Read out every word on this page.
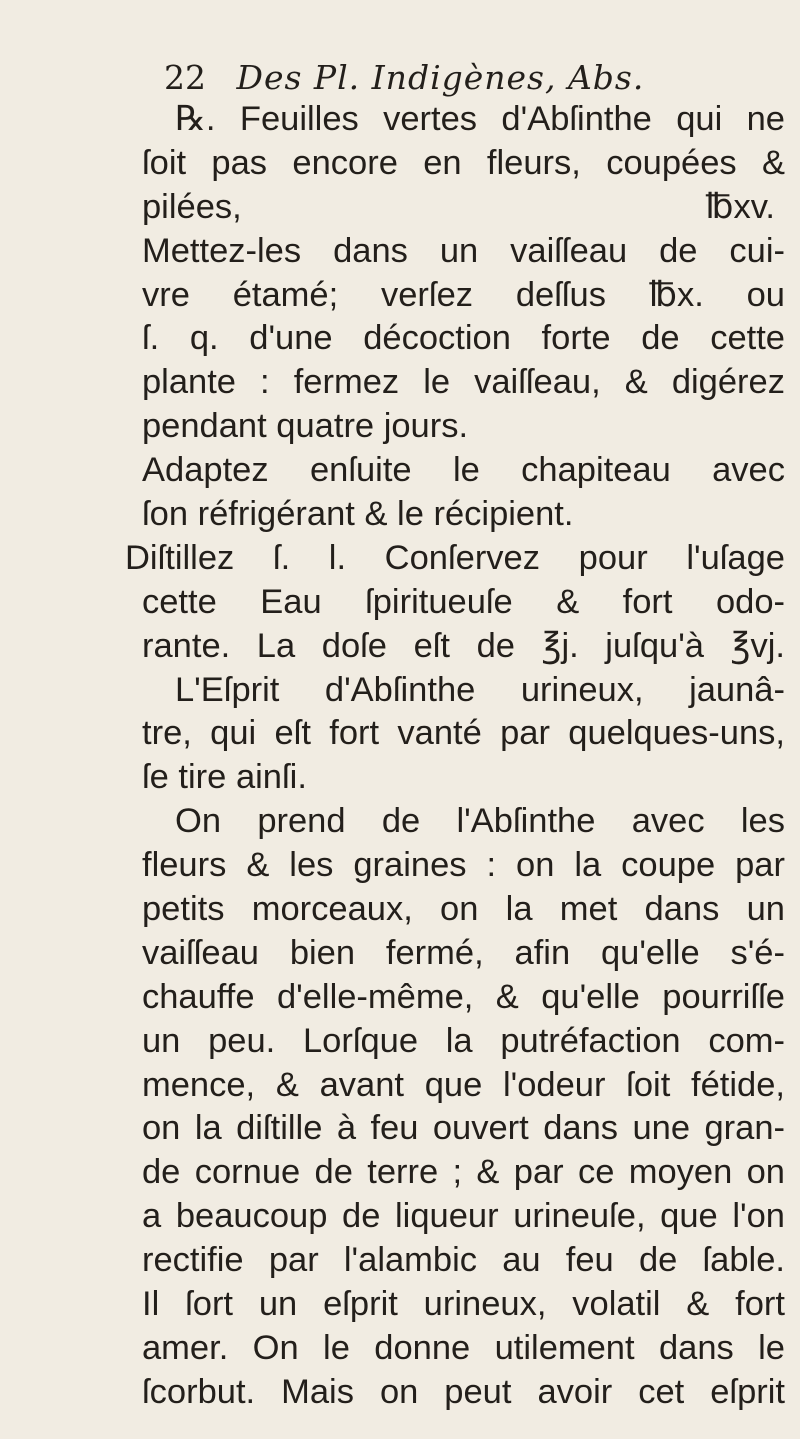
22 Des Pl. Indigènes, Abs.
℞. Feuilles vertes d'Abſinthe qui ne
ſoit pas encore en fleurs, coupées &
pilées,	℔xv.
Mettez-les dans un vaiſſeau de cui-
vre étamé; verſez deſſus ℔x. ou
ſ. q. d'une décoction forte de cette
plante : fermez le vaiſſeau, & digérez
pendant quatre jours.
Adaptez enſuite le chapiteau avec
ſon réfrigérant & le récipient.
Diſtillez ſ. l. Conſervez pour l'uſage
cette Eau ſpiritueuſe & fort odo-
rante. La doſe eſt de ℥j. juſqu'à ℥vj.
L'Eſprit d'Abſinthe urineux, jaunâ-
tre, qui eſt fort vanté par quelques-uns,
ſe tire ainſi.
On prend de l'Abſinthe avec les
fleurs & les graines : on la coupe par
petits morceaux, on la met dans un
vaiſſeau bien fermé, afin qu'elle s'é-
chauffe d'elle-même, & qu'elle pourriſſe
un peu. Lorſque la putréfaction com-
mence, & avant que l'odeur ſoit fétide,
on la diſtille à feu ouvert dans une gran-
de cornue de terre ; & par ce moyen on
a beaucoup de liqueur urineuſe, que l'on
rectifie par l'alambic au feu de ſable.
Il ſort un eſprit urineux, volatil & fort
amer. On le donne utilement dans le
ſcorbut. Mais on peut avoir cet eſprit
